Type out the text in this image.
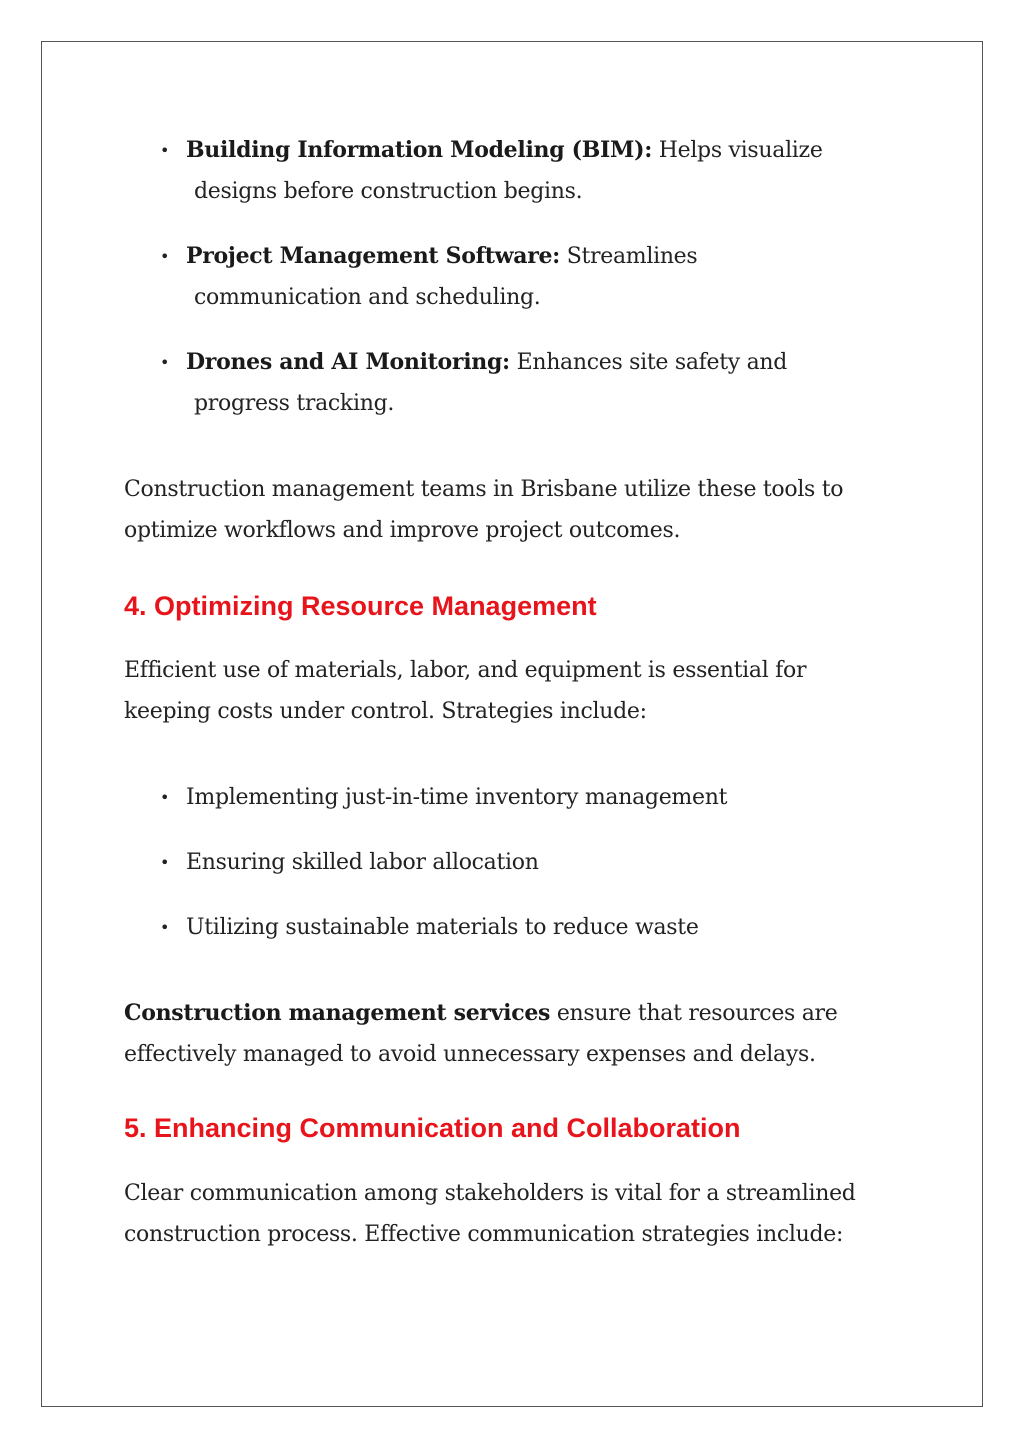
• Building Information Modeling (BIM): Helps visualize
designs before construction begins.
• Project Management Software: Streamlines
communication and scheduling.
• Drones and AI Monitoring: Enhances site safety and
progress tracking.
Construction management teams in Brisbane utilize these tools to
optimize workflows and improve project outcomes.
4. Optimizing Resource Management
Efficient use of materials, labor, and equipment is essential for
keeping costs under control. Strategies include:
• Implementing just-in-time inventory management
• Ensuring skilled labor allocation
• Utilizing sustainable materials to reduce waste
Construction management services ensure that resources are
effectively managed to avoid unnecessary expenses and delays.
5. Enhancing Communication and Collaboration
Clear communication among stakeholders is vital for a streamlined
construction process. Effective communication strategies include:
